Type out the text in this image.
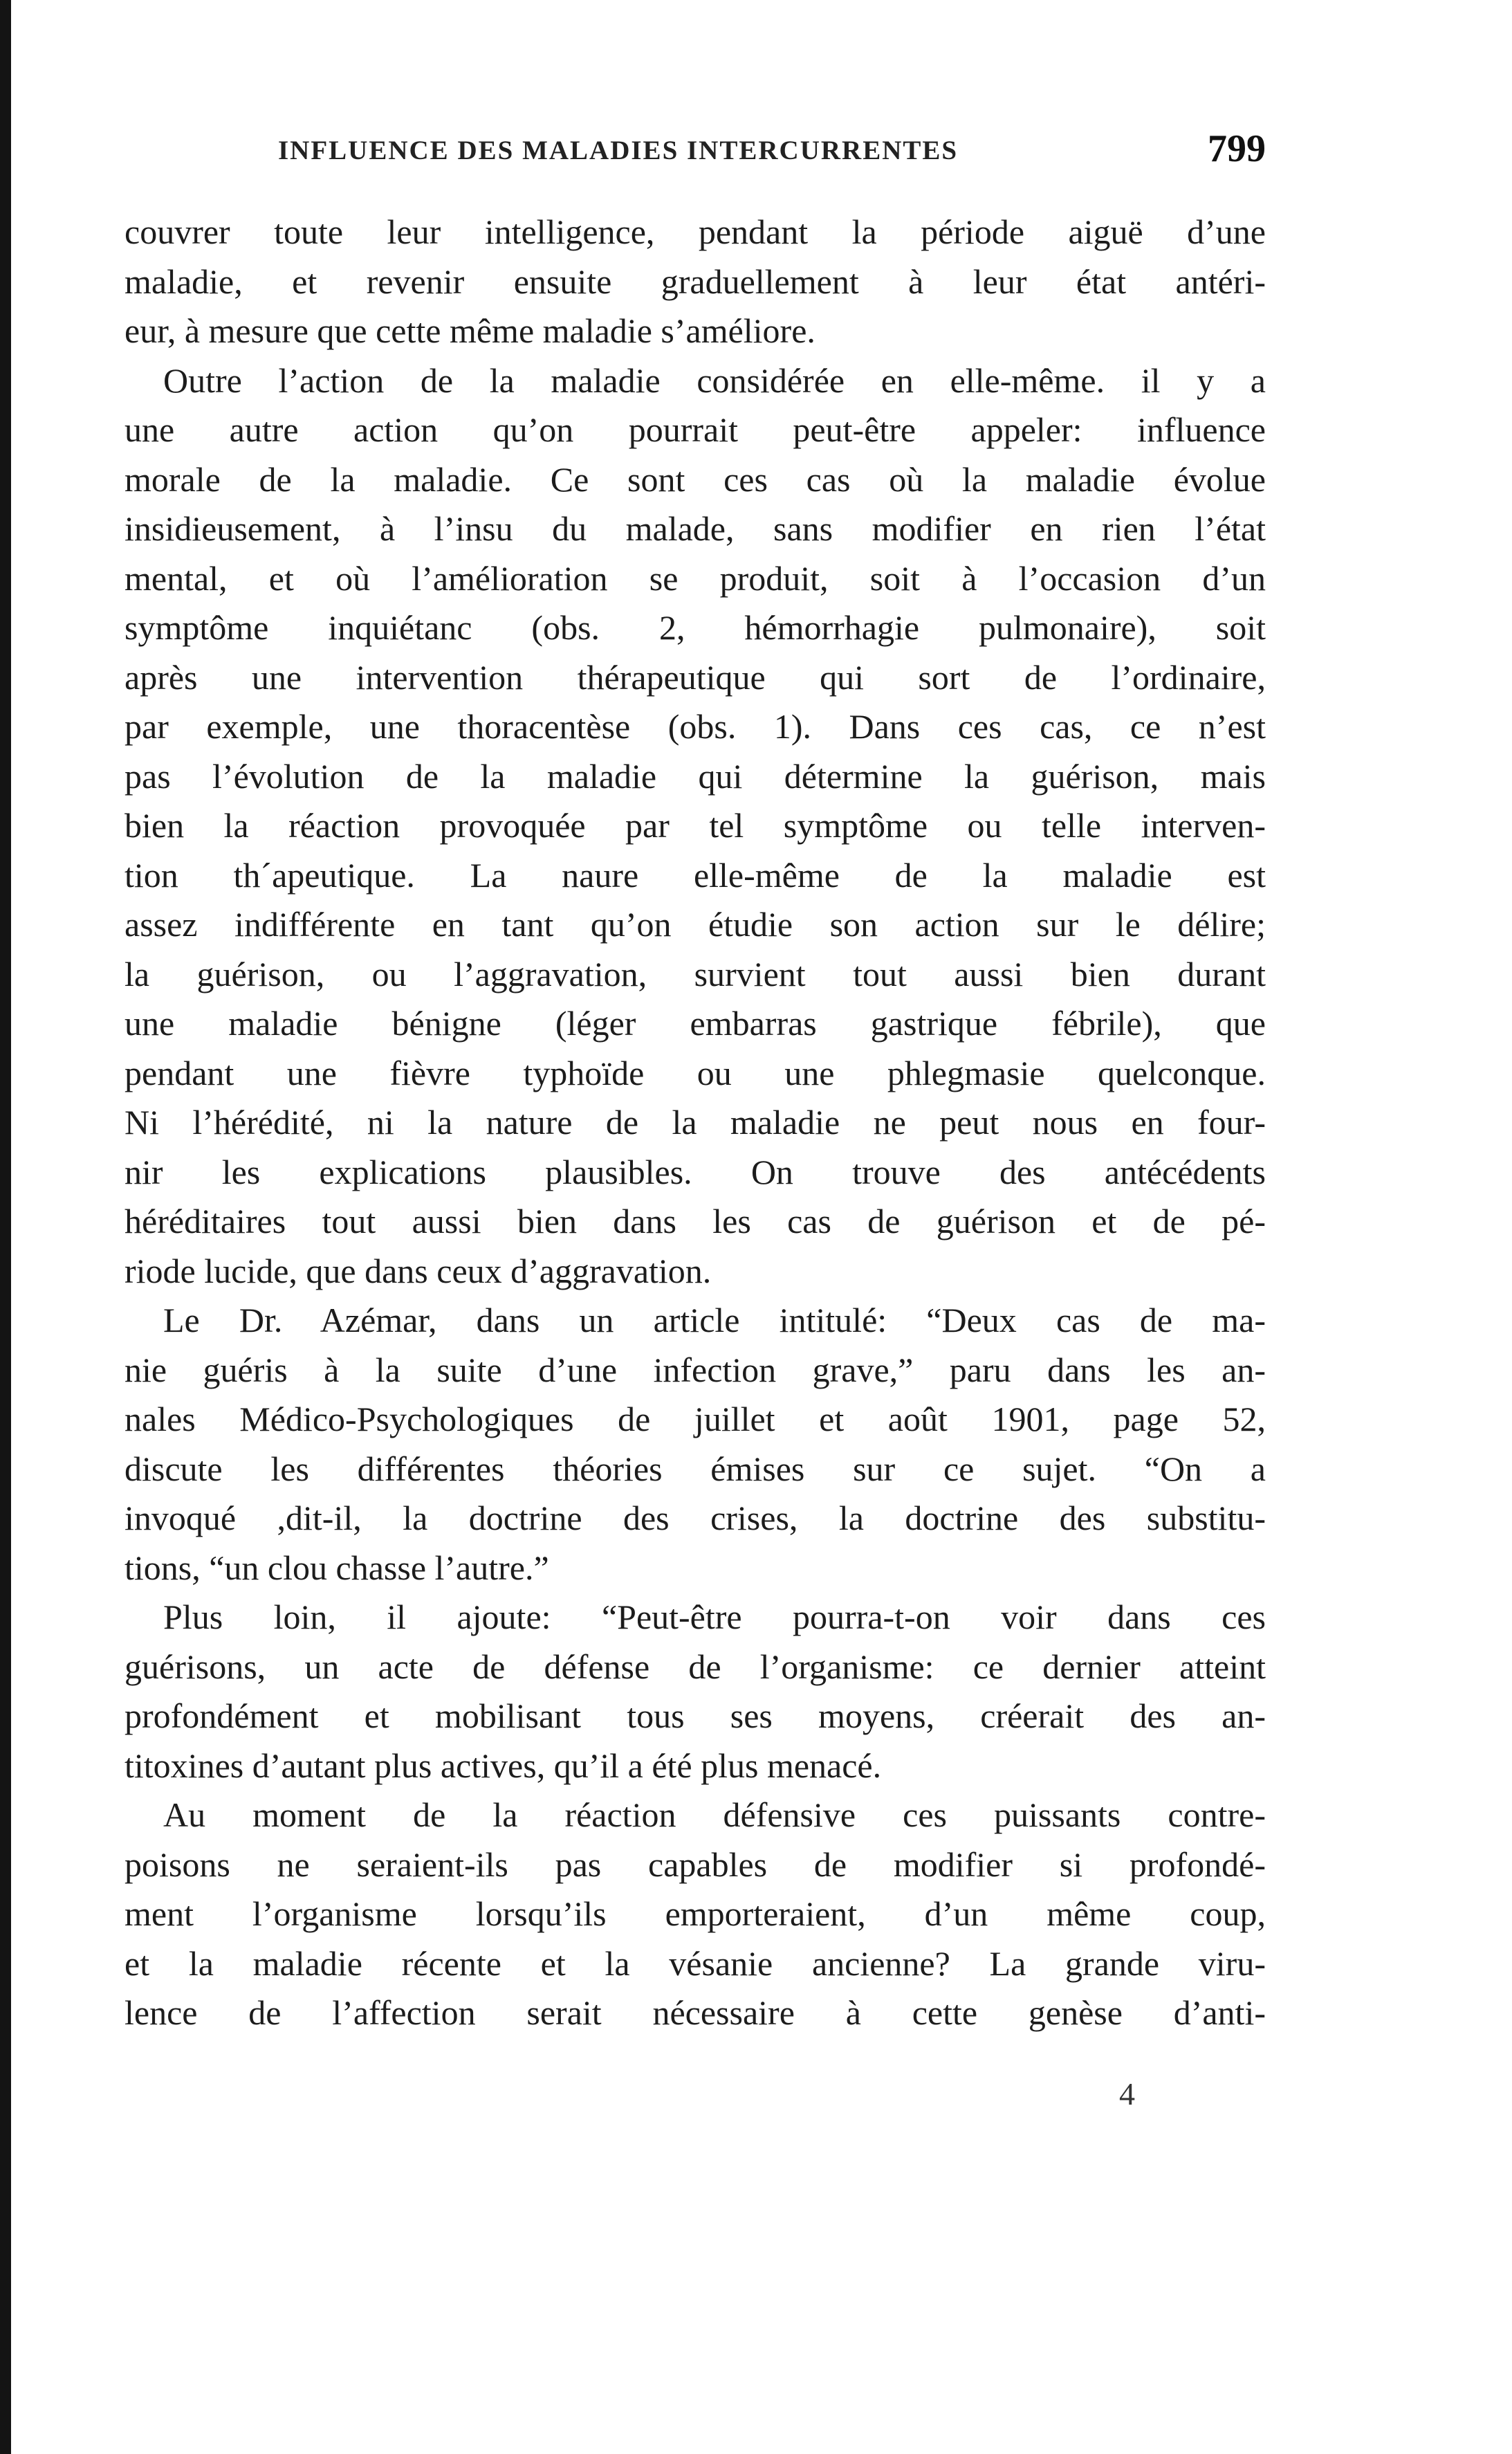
INFLUENCE DES MALADIES INTERCURRENTES	799
couvrer toute leur intelligence, pendant la période aiguë d’une
maladie, et revenir ensuite graduellement à leur état antéri-
eur, à mesure que cette même maladie s’améliore.
Outre l’action de la maladie considérée en elle-même. il y a
une autre action qu’on pourrait peut-être appeler: influence
morale de la maladie. Ce sont ces cas où la maladie évolue
insidieusement, à l’insu du malade, sans modifier en rien l’état
mental, et où l’amélioration se produit, soit à l’occasion d’un
symptôme inquiétanc (obs. 2, hémorrhagie pulmonaire), soit
après une intervention thérapeutique qui sort de l’ordinaire,
par exemple, une thoracentèse (obs. 1). Dans ces cas, ce n’est
pas l’évolution de la maladie qui détermine la guérison, mais
bien la réaction provoquée par tel symptôme ou telle interven-
tion th´apeutique. La naure elle-même de la maladie est
assez indifférente en tant qu’on étudie son action sur le délire;
la guérison, ou l’aggravation, survient tout aussi bien durant
une maladie bénigne (léger embarras gastrique fébrile), que
pendant une fièvre typhoïde ou une phlegmasie quelconque.
Ni l’hérédité, ni la nature de la maladie ne peut nous en four-
nir les explications plausibles. On trouve des antécédents
héréditaires tout aussi bien dans les cas de guérison et de pé-
riode lucide, que dans ceux d’aggravation.
Le Dr. Azémar, dans un article intitulé: “Deux cas de ma-
nie guéris à la suite d’une infection grave,” paru dans les an-
nales Médico-Psychologiques de juillet et août 1901, page 52,
discute les différentes théories émises sur ce sujet. “On a
invoqué ,dit-il, la doctrine des crises, la doctrine des substitu-
tions, “un clou chasse l’autre.”
Plus loin, il ajoute: “Peut-être pourra-t-on voir dans ces
guérisons, un acte de défense de l’organisme: ce dernier atteint
profondément et mobilisant tous ses moyens, créerait des an-
titoxines d’autant plus actives, qu’il a été plus menacé.
Au moment de la réaction défensive ces puissants contre-
poisons ne seraient-ils pas capables de modifier si profondé-
ment l’organisme lorsqu’ils emporteraient, d’un même coup,
et la maladie récente et la vésanie ancienne? La grande viru-
lence de l’affection serait nécessaire à cette genèse d’anti-
4
